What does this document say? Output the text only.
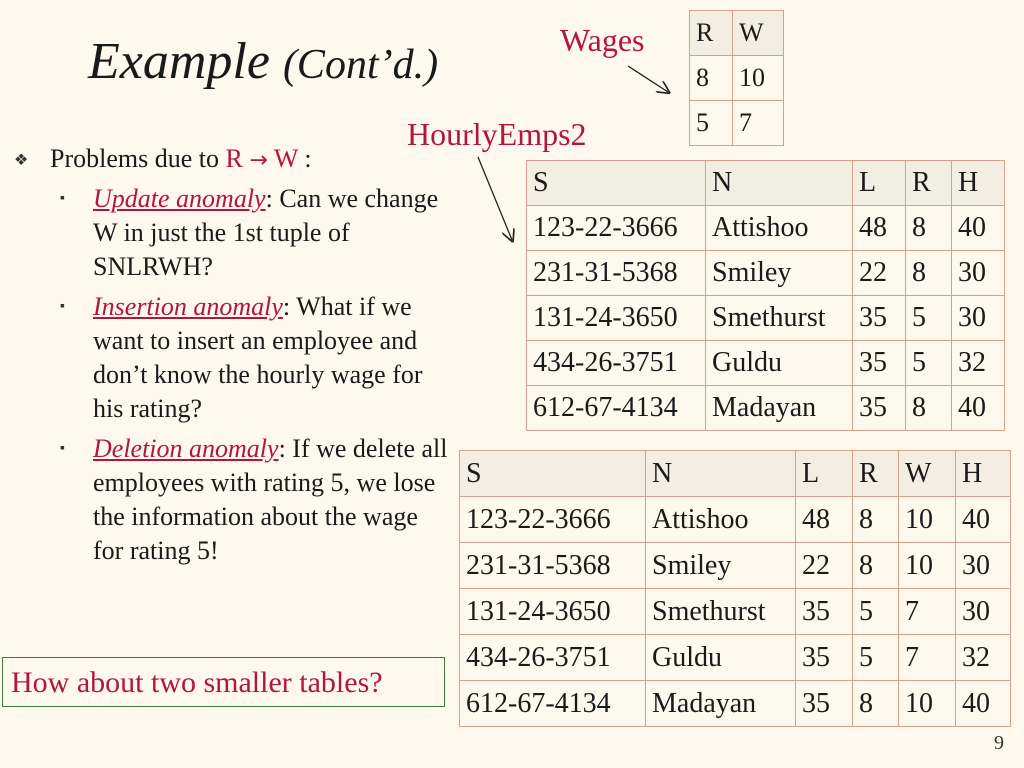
Example (Cont’d.)
Wages
HourlyEmps2
R	W
8	10
5	7
S	N	L	R	H
123-22-3666	Attishoo	48	8	40
231-31-5368	Smiley	22	8	30
131-24-3650	Smethurst	35	5	30
434-26-3751	Guldu	35	5	32
612-67-4134	Madayan	35	8	40
S	N	L	R	W	H
123-22-3666	Attishoo	48	8	10	40
231-31-5368	Smiley	22	8	10	30
131-24-3650	Smethurst	35	5	7	30
434-26-3751	Guldu	35	5	7	32
612-67-4134	Madayan	35	8	10	40
❖ Problems due to R → W :
▪ Update anomaly: Can we change W in just the 1st tuple of SNLRWH?
▪ Insertion anomaly: What if we want to insert an employee and don’t know the hourly wage for his rating?
▪ Deletion anomaly: If we delete all employees with rating 5, we lose the information about the wage for rating 5!
How about two smaller tables?
9
